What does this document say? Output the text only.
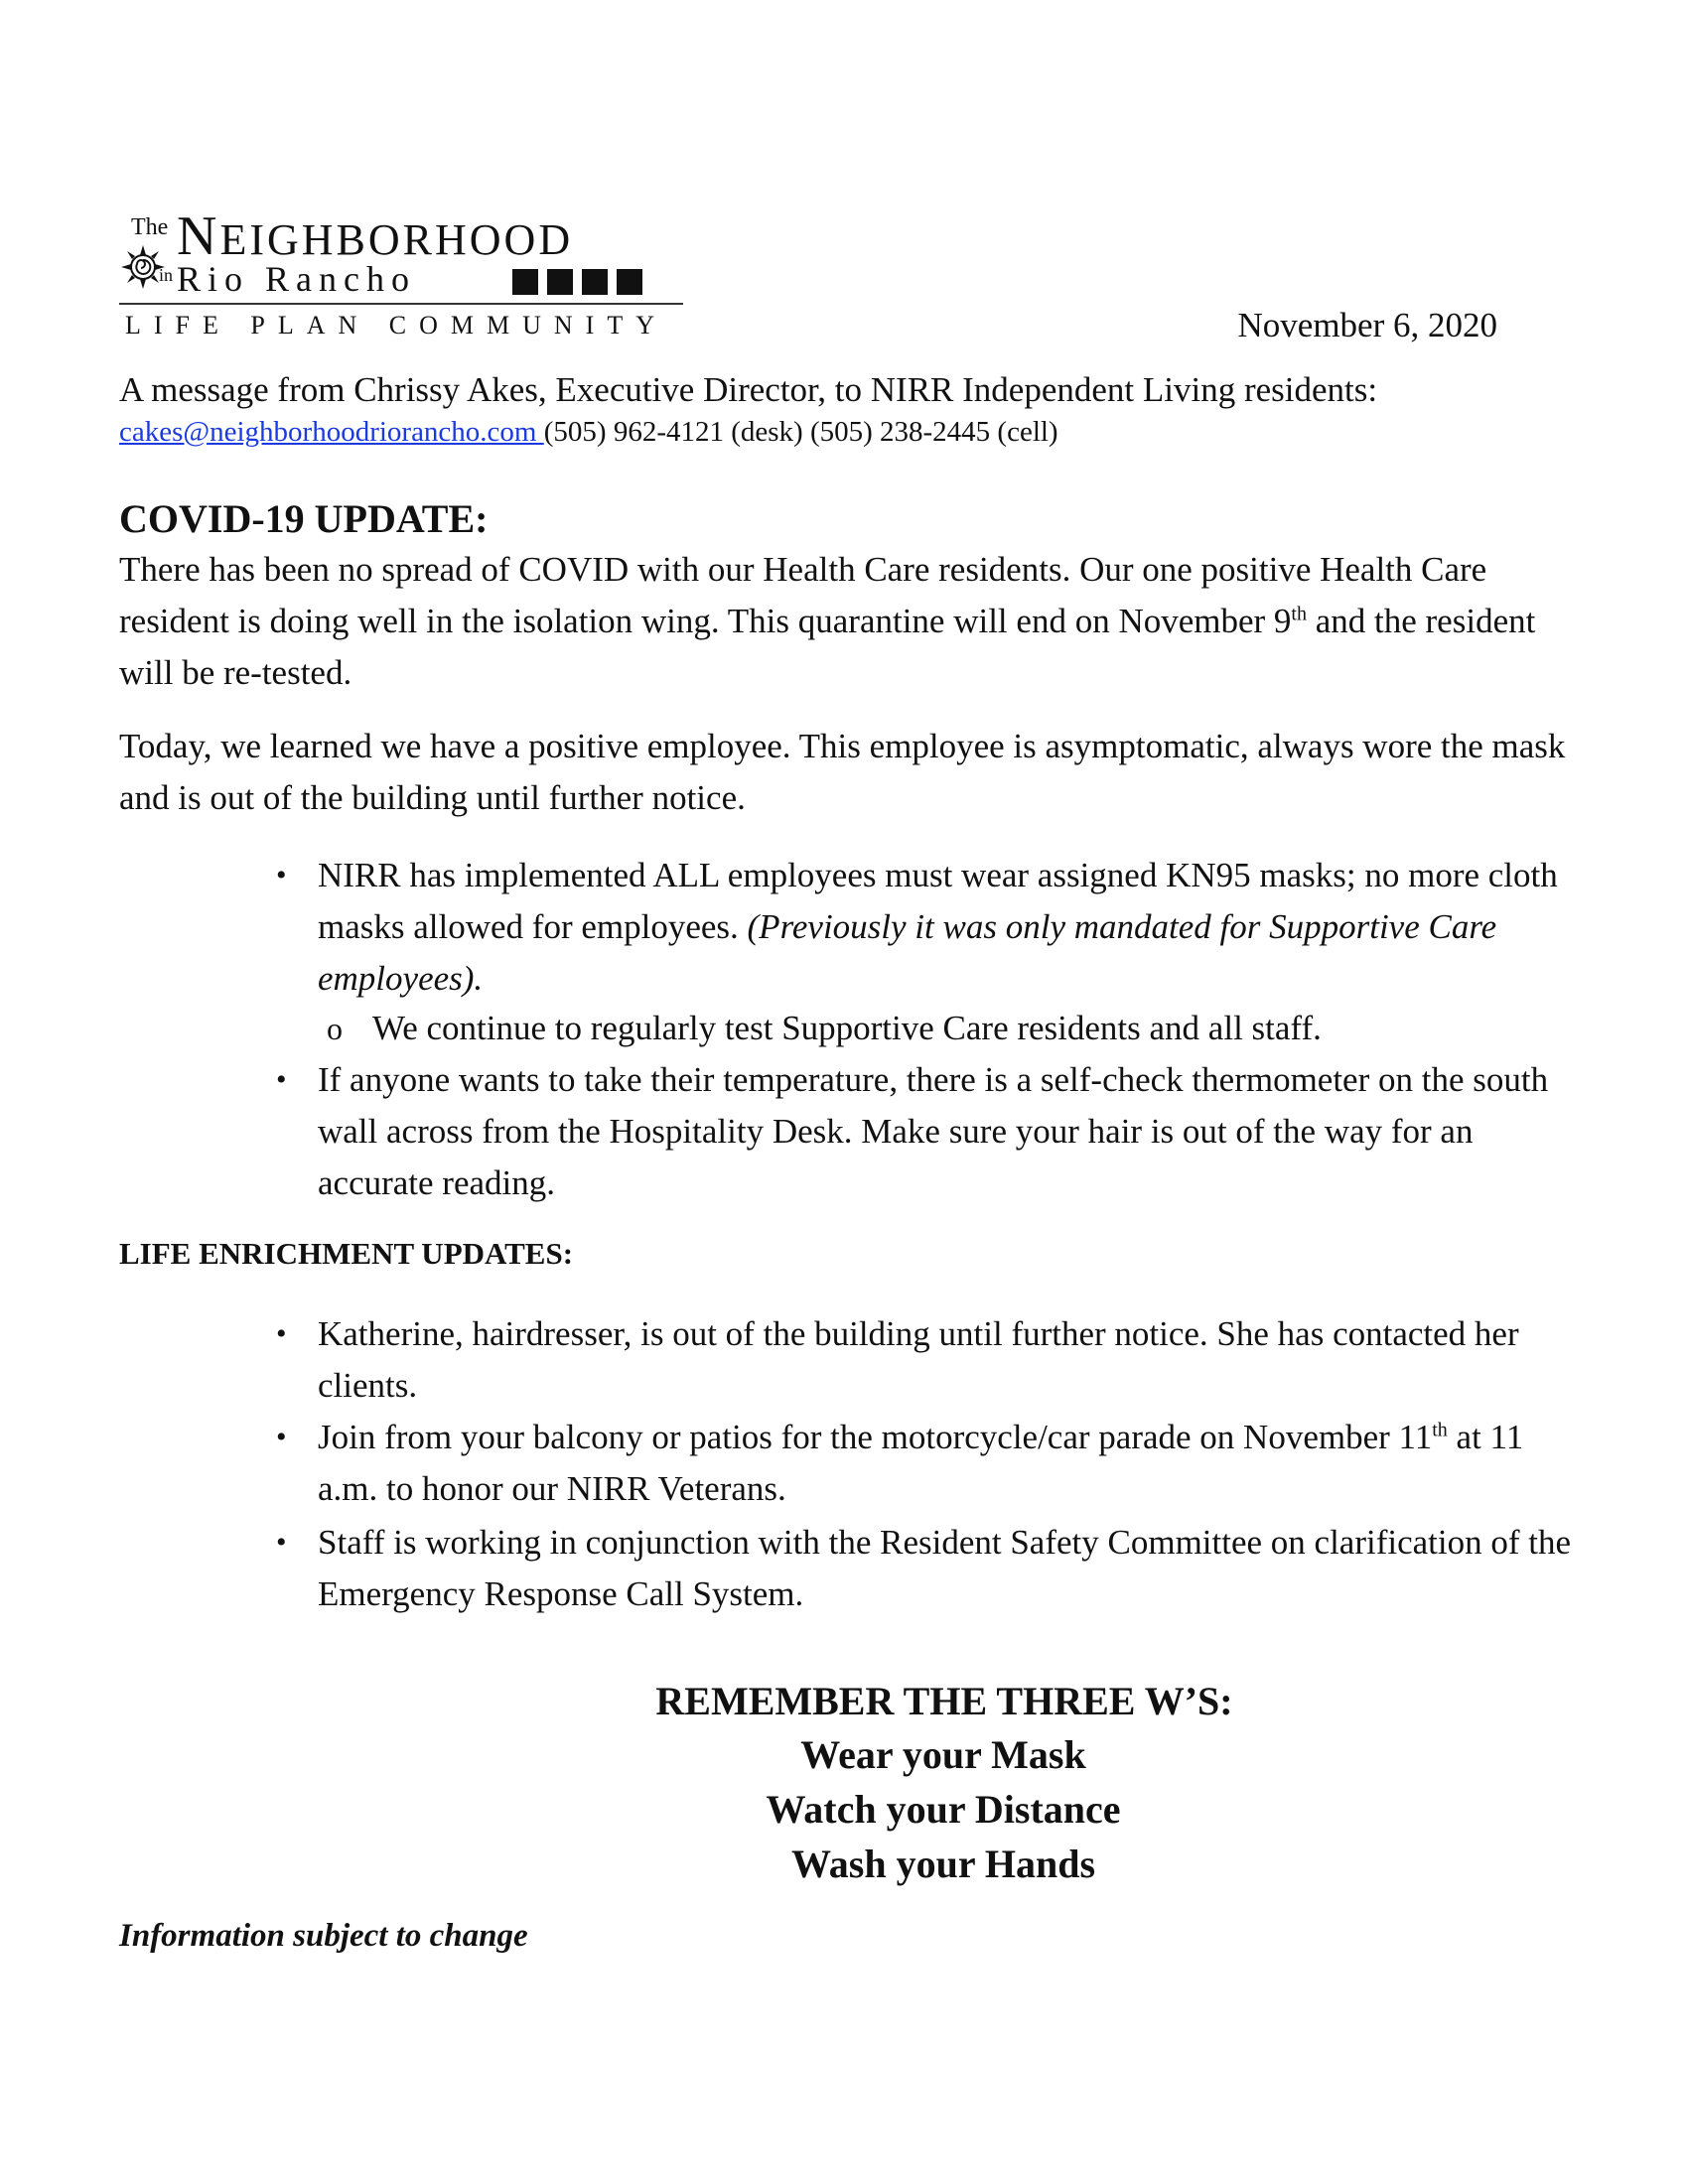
The NEIGHBORHOOD
in Rio Rancho
LIFE PLAN COMMUNITY	November 6, 2020
A message from Chrissy Akes, Executive Director, to NIRR Independent Living residents:
cakes@neighborhoodriorancho.com (505) 962-4121 (desk) (505) 238-2445 (cell)
COVID-19 UPDATE:
There has been no spread of COVID with our Health Care residents. Our one positive Health Care resident is doing well in the isolation wing. This quarantine will end on November 9th and the resident will be re-tested.
Today, we learned we have a positive employee. This employee is asymptomatic, always wore the mask and is out of the building until further notice.
• NIRR has implemented ALL employees must wear assigned KN95 masks; no more cloth masks allowed for employees. (Previously it was only mandated for Supportive Care employees).
o We continue to regularly test Supportive Care residents and all staff.
• If anyone wants to take their temperature, there is a self-check thermometer on the south wall across from the Hospitality Desk. Make sure your hair is out of the way for an accurate reading.
LIFE ENRICHMENT UPDATES:
• Katherine, hairdresser, is out of the building until further notice. She has contacted her clients.
• Join from your balcony or patios for the motorcycle/car parade on November 11th at 11 a.m. to honor our NIRR Veterans.
• Staff is working in conjunction with the Resident Safety Committee on clarification of the Emergency Response Call System.
REMEMBER THE THREE W’S:
Wear your Mask
Watch your Distance
Wash your Hands
Information subject to change
